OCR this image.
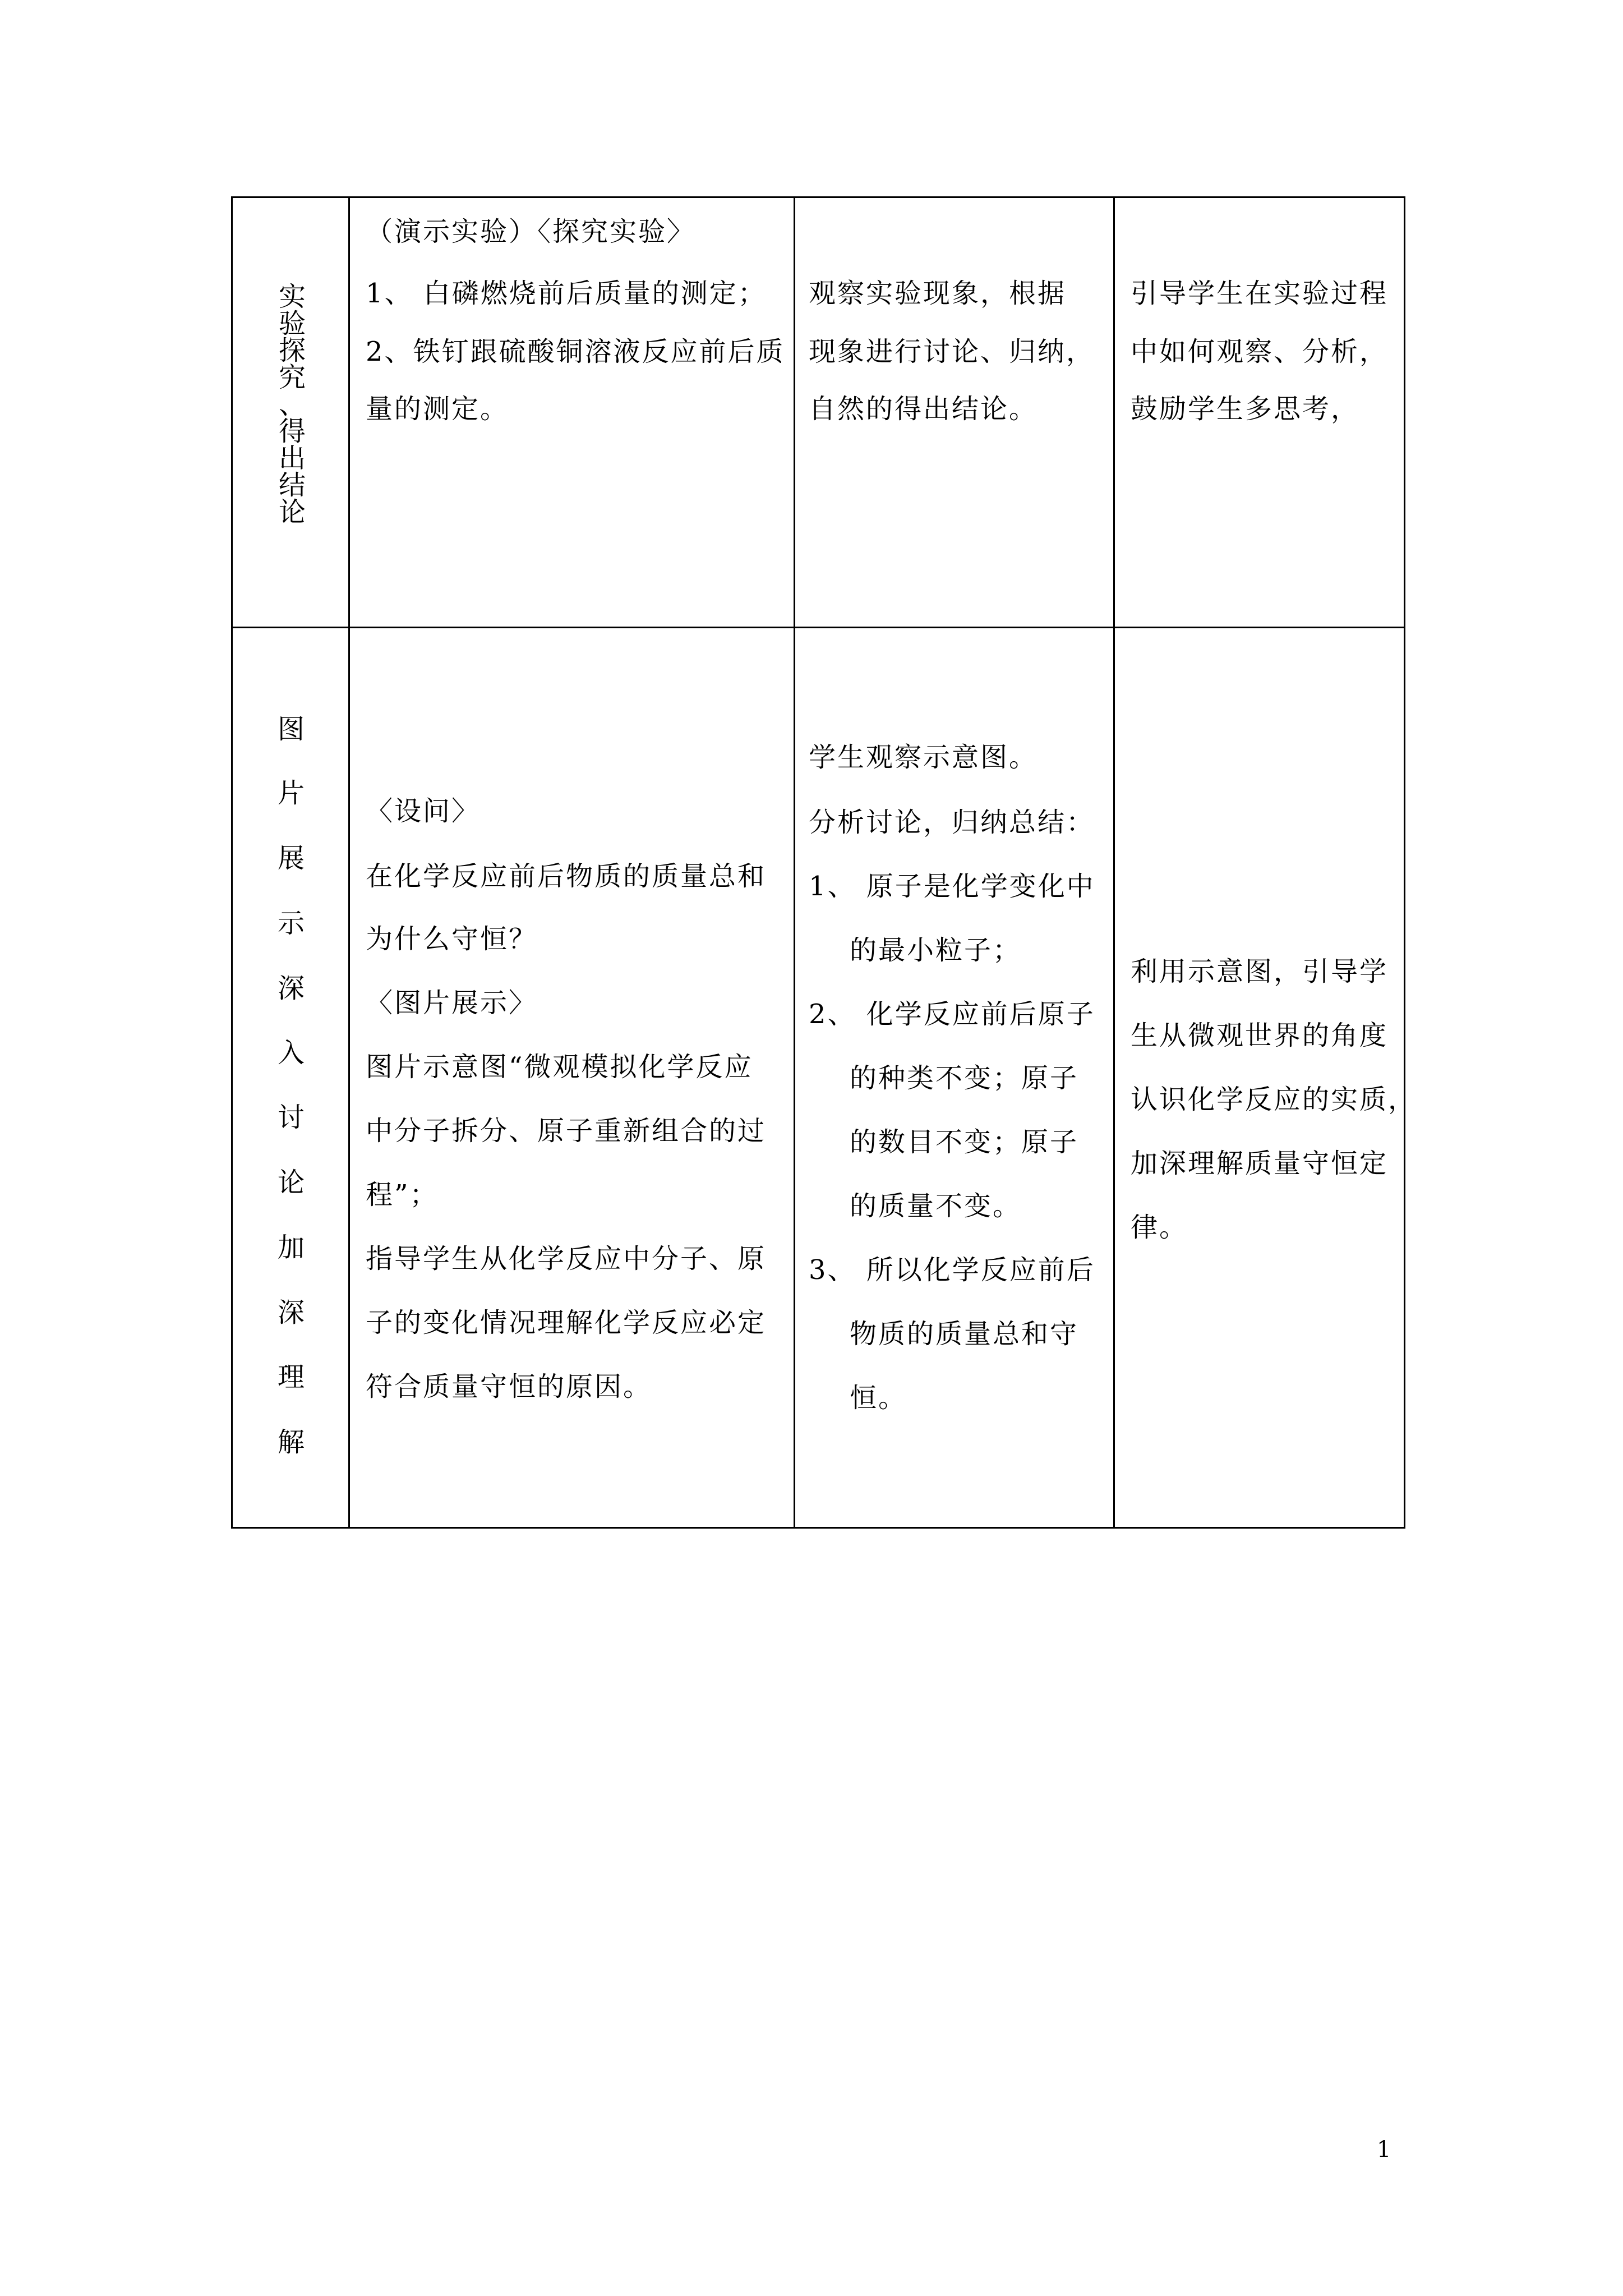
实
验
探
究
、
得
出
结
论
（演示实验）〈探究实验〉
1、 白磷燃烧前后质量的测定；
2、铁钉跟硫酸铜溶液反应前后质
量的测定。
观察实验现象，根据
现象进行讨论、归纳，
自然的得出结论。
引导学生在实验过程
中如何观察、分析，
鼓励学生多思考，
图
片
展
示
深
入
讨
论
加
深
理
解
〈设问〉
在化学反应前后物质的质量总和
为什么守恒？
〈图片展示〉
图片示意图“微观模拟化学反应
中分子拆分、原子重新组合的过
程”；
指导学生从化学反应中分子、原
子的变化情况理解化学反应必定
符合质量守恒的原因。
学生观察示意图。
分析讨论，归纳总结：
1、 原子是化学变化中
的最小粒子；
2、 化学反应前后原子
的种类不变；原子
的数目不变；原子
的质量不变。
3、 所以化学反应前后
物质的质量总和守
恒。
利用示意图，引导学
生从微观世界的角度
认识化学反应的实质，
加深理解质量守恒定
律。
1
